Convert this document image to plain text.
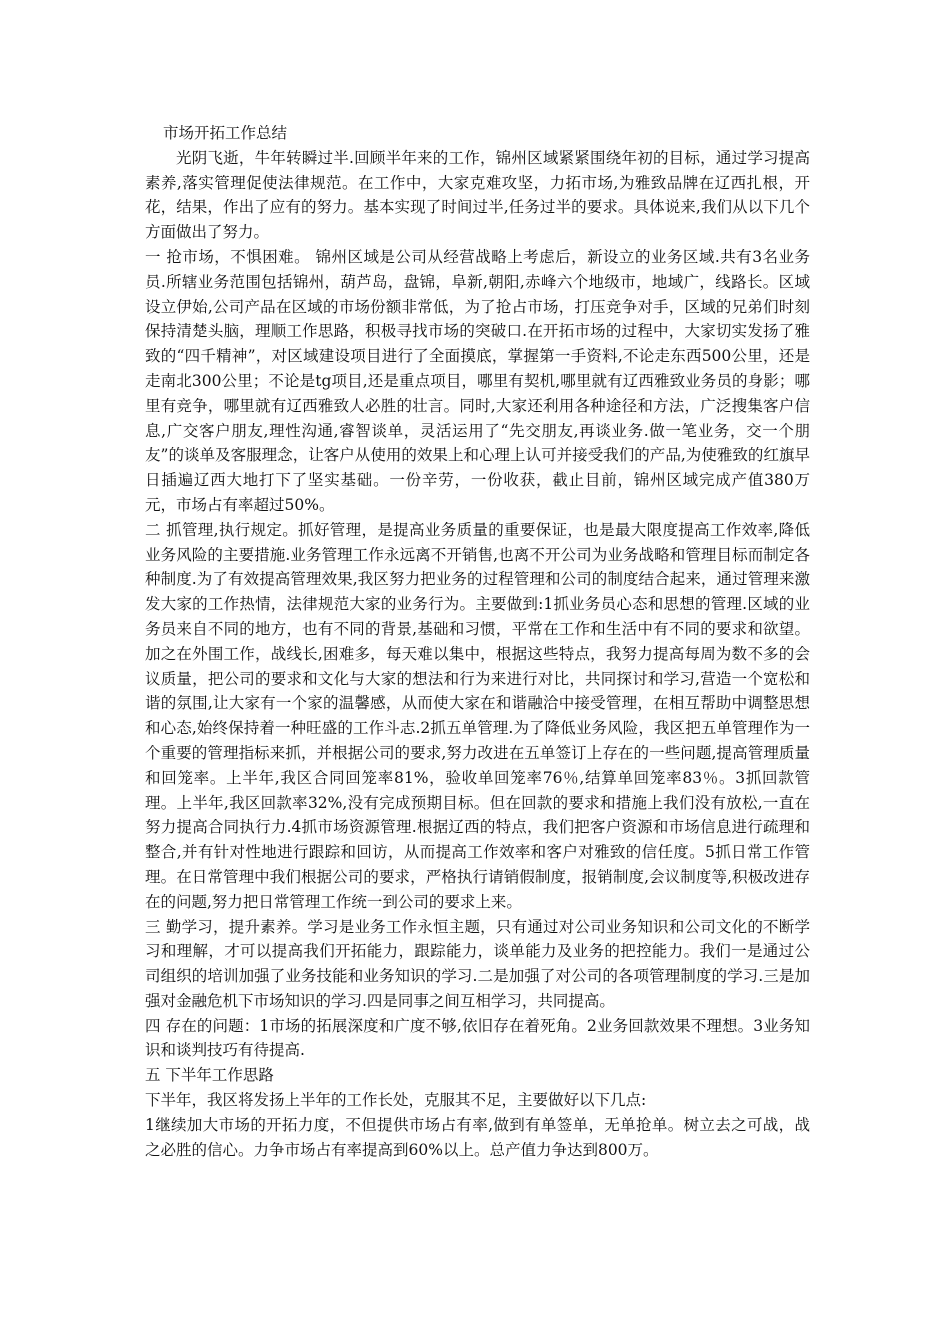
市场开拓工作总结

光阴飞逝，牛年转瞬过半.回顾半年来的工作，锦州区域紧紧围绕年初的目标，通过学习提高素养,落实管理促使法律规范。在工作中，大家克难攻坚，力拓市场,为雅致品牌在辽西扎根，开花，结果，作出了应有的努力。基本实现了时间过半,任务过半的要求。具体说来,我们从以下几个方面做出了努力。

一 抢市场，不惧困难。 锦州区域是公司从经营战略上考虑后，新设立的业务区域.共有3名业务员.所辖业务范围包括锦州，葫芦岛，盘锦，阜新,朝阳,赤峰六个地级市，地域广，线路长。区域设立伊始,公司产品在区域的市场份额非常低，为了抢占市场，打压竞争对手，区域的兄弟们时刻保持清楚头脑，理顺工作思路，积极寻找市场的突破口.在开拓市场的过程中，大家切实发扬了雅致的“四千精神”，对区域建设项目进行了全面摸底，掌握第一手资料,不论走东西500公里，还是走南北300公里；不论是tg项目,还是重点项目，哪里有契机,哪里就有辽西雅致业务员的身影；哪里有竞争，哪里就有辽西雅致人必胜的壮言。同时,大家还利用各种途径和方法，广泛搜集客户信息,广交客户朋友,理性沟通,睿智谈单，灵活运用了“先交朋友,再谈业务.做一笔业务，交一个朋友”的谈单及客服理念，让客户从使用的效果上和心理上认可并接受我们的产品,为使雅致的红旗早日插遍辽西大地打下了坚实基础。一份辛劳，一份收获，截止目前，锦州区域完成产值380万元，市场占有率超过50%。

二 抓管理,执行规定。抓好管理，是提高业务质量的重要保证，也是最大限度提高工作效率,降低业务风险的主要措施.业务管理工作永远离不开销售,也离不开公司为业务战略和管理目标而制定各种制度.为了有效提高管理效果,我区努力把业务的过程管理和公司的制度结合起来，通过管理来激发大家的工作热情，法律规范大家的业务行为。主要做到:1抓业务员心态和思想的管理.区域的业务员来自不同的地方，也有不同的背景,基础和习惯，平常在工作和生活中有不同的要求和欲望。加之在外围工作，战线长,困难多，每天难以集中，根据这些特点，我努力提高每周为数不多的会议质量，把公司的要求和文化与大家的想法和行为来进行对比，共同探讨和学习,营造一个宽松和谐的氛围,让大家有一个家的温馨感，从而使大家在和谐融洽中接受管理，在相互帮助中调整思想和心态,始终保持着一种旺盛的工作斗志.2抓五单管理.为了降低业务风险，我区把五单管理作为一个重要的管理指标来抓，并根据公司的要求,努力改进在五单签订上存在的一些问题,提高管理质量和回笼率。上半年,我区合同回笼率81%，验收单回笼率76％,结算单回笼率83％。3抓回款管理。上半年,我区回款率32%,没有完成预期目标。但在回款的要求和措施上我们没有放松,一直在努力提高合同执行力.4抓市场资源管理.根据辽西的特点，我们把客户资源和市场信息进行疏理和整合,并有针对性地进行跟踪和回访，从而提高工作效率和客户对雅致的信任度。5抓日常工作管理。在日常管理中我们根据公司的要求，严格执行请销假制度，报销制度,会议制度等,积极改进存在的问题,努力把日常管理工作统一到公司的要求上来。

三 勤学习，提升素养。学习是业务工作永恒主题，只有通过对公司业务知识和公司文化的不断学习和理解，才可以提高我们开拓能力，跟踪能力，谈单能力及业务的把控能力。我们一是通过公司组织的培训加强了业务技能和业务知识的学习.二是加强了对公司的各项管理制度的学习.三是加强对金融危机下市场知识的学习.四是同事之间互相学习，共同提高。

四 存在的问题：1市场的拓展深度和广度不够,依旧存在着死角。2业务回款效果不理想。3业务知识和谈判技巧有待提高.

五 下半年工作思路

下半年，我区将发扬上半年的工作长处，克服其不足，主要做好以下几点:

1继续加大市场的开拓力度，不但提供市场占有率,做到有单签单，无单抢单。树立去之可战，战之必胜的信心。力争市场占有率提高到60%以上。总产值力争达到800万。
